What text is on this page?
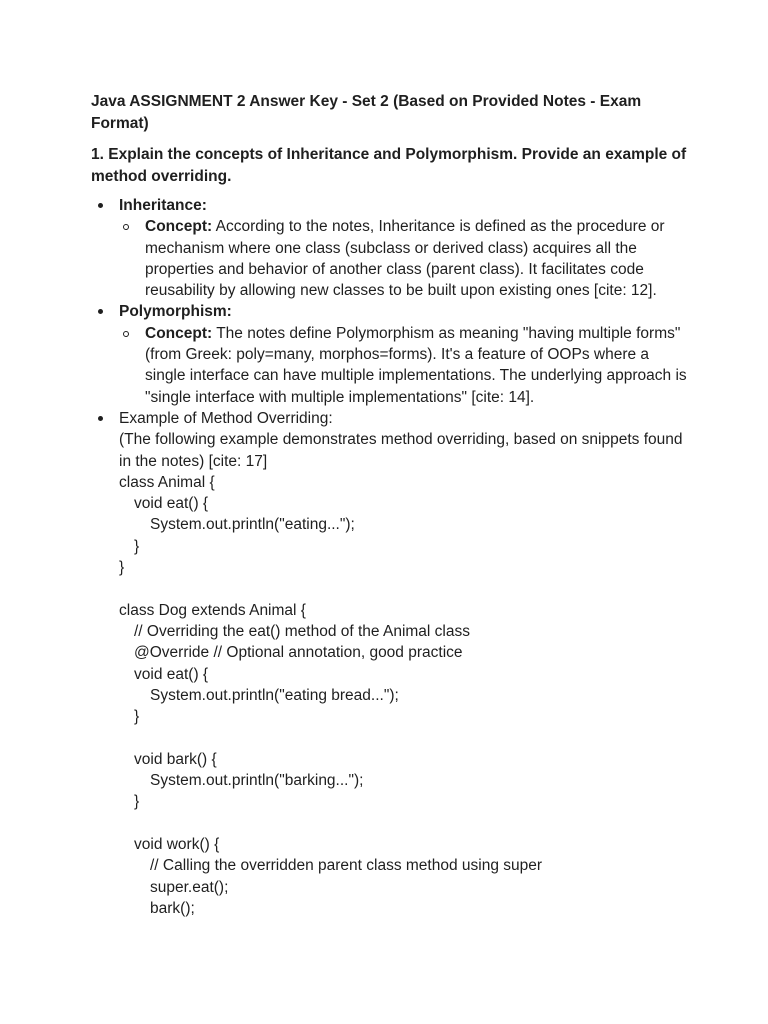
Java ASSIGNMENT 2 Answer Key - Set 2 (Based on Provided Notes - Exam Format)

1. Explain the concepts of Inheritance and Polymorphism. Provide an example of method overriding.

Inheritance:
Concept: According to the notes, Inheritance is defined as the procedure or mechanism where one class (subclass or derived class) acquires all the properties and behavior of another class (parent class). It facilitates code reusability by allowing new classes to be built upon existing ones [cite: 12].
Polymorphism:
Concept: The notes define Polymorphism as meaning "having multiple forms" (from Greek: poly=many, morphos=forms). It's a feature of OOPs where a single interface can have multiple implementations. The underlying approach is "single interface with multiple implementations" [cite: 14].
Example of Method Overriding:
(The following example demonstrates method overriding, based on snippets found in the notes) [cite: 17]
class Animal {
void eat() {
System.out.println("eating...");
}
}
class Dog extends Animal {
// Overriding the eat() method of the Animal class
@Override // Optional annotation, good practice
void eat() {
System.out.println("eating bread...");
}
void bark() {
System.out.println("barking...");
}
void work() {
// Calling the overridden parent class method using super
super.eat();
bark();
